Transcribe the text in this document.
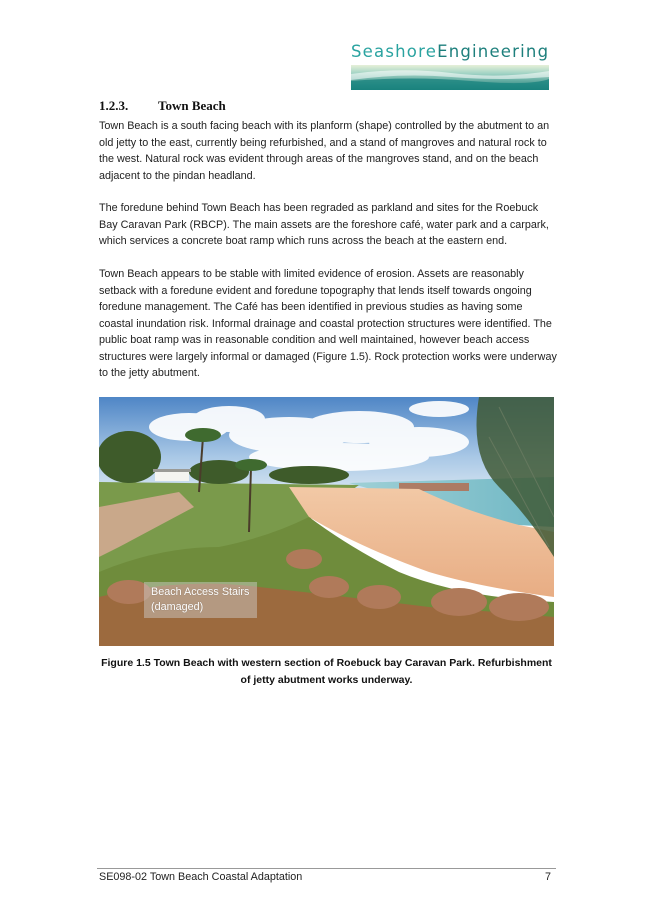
SeashoreEngineering
1.2.3. Town Beach

Town Beach is a south facing beach with its planform (shape) controlled by the abutment to an old jetty to the east, currently being refurbished, and a stand of mangroves and natural rock to the west. Natural rock was evident through areas of the mangroves stand, and on the beach adjacent to the pindan headland.

The foredune behind Town Beach has been regraded as parkland and sites for the Roebuck Bay Caravan Park (RBCP). The main assets are the foreshore café, water park and a carpark, which services a concrete boat ramp which runs across the beach at the eastern end.

Town Beach appears to be stable with limited evidence of erosion. Assets are reasonably setback with a foredune evident and foredune topography that lends itself towards ongoing foredune management. The Café has been identified in previous studies as having some coastal inundation risk. Informal drainage and coastal protection structures were identified. The public boat ramp was in reasonable condition and well maintained, however beach access structures were largely informal or damaged (Figure 1.5). Rock protection works were underway to the jetty abutment.

Beach Access Stairs
(damaged)

Figure 1.5 Town Beach with western section of Roebuck bay Caravan Park. Refurbishment of jetty abutment works underway.

SE098-02 Town Beach Coastal Adaptation	7
